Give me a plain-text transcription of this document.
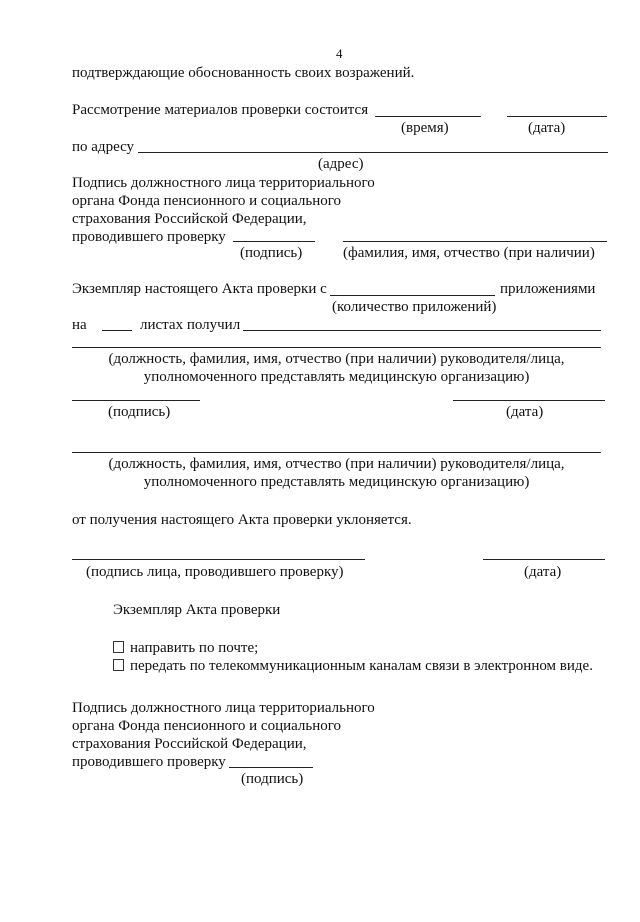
4
подтверждающие обоснованность своих возражений.
Рассмотрение материалов проверки состоится
(время)	(дата)
по адресу
(адрес)
Подпись должностного лица территориального
органа Фонда пенсионного и социального
страхования Российской Федерации,
проводившего проверку
(подпись)	(фамилия, имя, отчество (при наличии)
Экземпляр настоящего Акта проверки с	приложениями
(количество приложений)
на	листах получил
(должность, фамилия, имя, отчество (при наличии) руководителя/лица,
уполномоченного представлять медицинскую организацию)
(подпись)	(дата)
(должность, фамилия, имя, отчество (при наличии) руководителя/лица,
уполномоченного представлять медицинскую организацию)
от получения настоящего Акта проверки уклоняется.
(подпись лица, проводившего проверку)	(дата)
Экземпляр Акта проверки
направить по почте;
передать по телекоммуникационным каналам связи в электронном виде.
Подпись должностного лица территориального
органа Фонда пенсионного и социального
страхования Российской Федерации,
проводившего проверку
(подпись)
